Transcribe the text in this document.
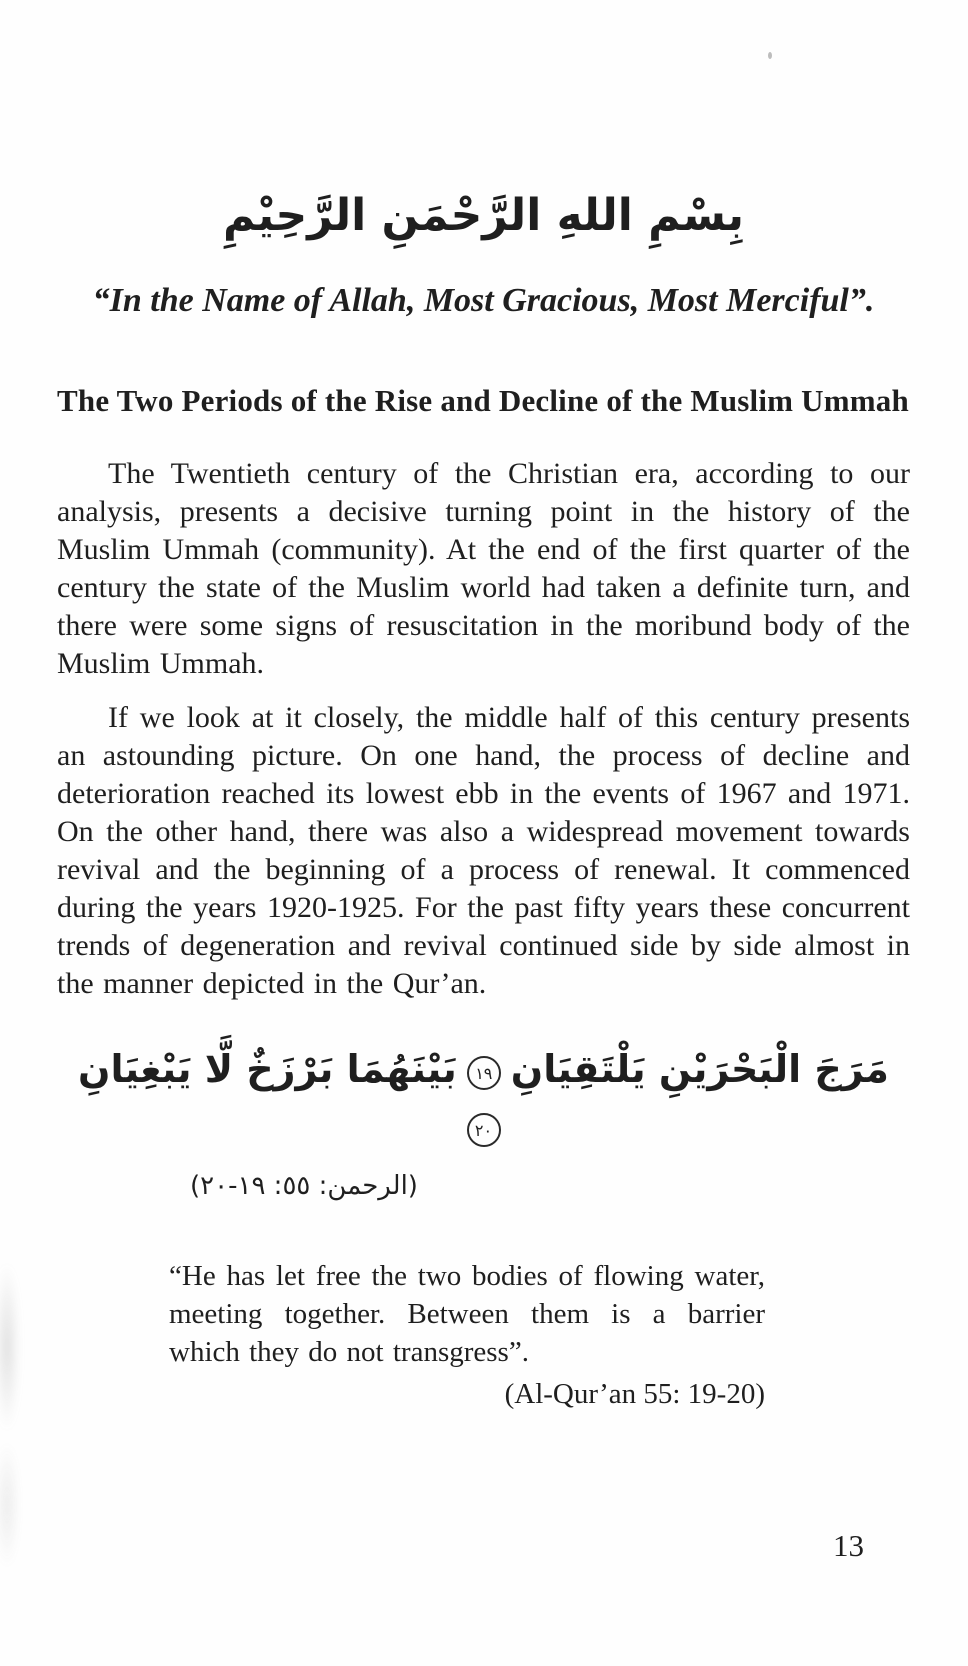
بِسْمِ اللهِ الرَّحْمَنِ الرَّحِيْمِ
“In the Name of Allah, Most Gracious, Most Merciful”.
The Two Periods of the Rise and Decline of the Muslim Ummah

The Twentieth century of the Christian era, according to our analysis, presents a decisive turning point in the history of the Muslim Ummah (community). At the end of the first quarter of the century the state of the Muslim world had taken a definite turn, and there were some signs of resuscitation in the moribund body of the Muslim Ummah.

If we look at it closely, the middle half of this century presents an astounding picture. On one hand, the process of decline and deterioration reached its lowest ebb in the events of 1967 and 1971. On the other hand, there was also a widespread movement towards revival and the beginning of a process of renewal. It commenced during the years 1920-1925. For the past fifty years these concurrent trends of degeneration and revival continued side by side almost in the manner depicted in the Qur’an.

مَرَجَ الْبَحْرَيْنِ يَلْتَقِيَانِ١٩بَيْنَهُمَا بَرْزَخٌ لَّا يَبْغِيَانِ٢٠
(الرحمن: ٥٥: ١٩-٢٠)

“He has let free the two bodies of flowing water, meeting together. Between them is a barrier which they do not transgress”.

(Al-Qur’an 55: 19-20)
13
